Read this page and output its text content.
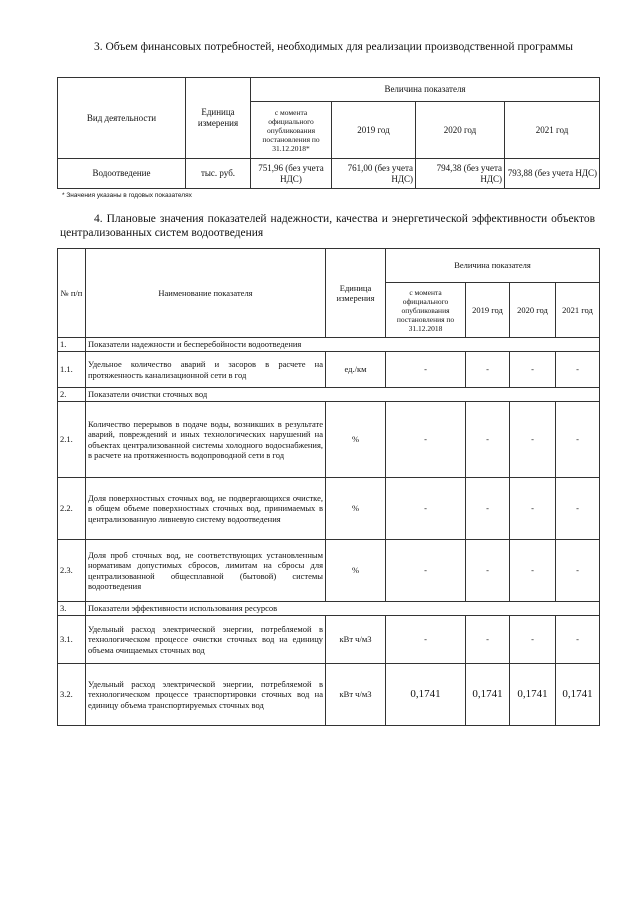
3. Объем финансовых потребностей, необходимых для реализации производственной программы
Вид деятельности	Единица измерения	Величина показателя			
		с момента официального опубликования постановления по 31.12.2018*	2019 год	2020 год	2021 год
Водоотведение	тыс. руб.	751,96 (без учета НДС)	761,00 (без учета НДС)	794,38 (без учета НДС)	793,88 (без учета НДС)
* Значения указаны в годовых показателях
4. Плановые значения показателей надежности, качества и энергетической эффективности объектов централизованных систем водоотведения
№ п/п	Наименование показателя	Единица измерения	Величина показателя			
			с момента официального опубликования постановления по 31.12.2018	2019 год	2020 год	2021 год
1.	Показатели надежности и бесперебойности водоотведения					
1.1.	Удельное количество аварий и засоров в расчете на протяженность канализационной сети в год	ед./км	-	-	-	-
2.	Показатели очистки сточных вод					
2.1.	Количество перерывов в подаче воды, возникших в результате аварий, повреждений и иных технологических нарушений на объектах централизованной системы холодного водоснабжения, в расчете на протяженность водопроводной сети в год	%	-	-	-	-
2.2.	Доля поверхностных сточных вод, не подвергающихся очистке, в общем объеме поверхностных сточных вод, принимаемых в централизованную ливневую систему водоотведения	%	-	-	-	-
2.3.	Доля проб сточных вод, не соответствующих установленным нормативам допустимых сбросов, лимитам на сбросы для централизованной общесплавной (бытовой) системы водоотведения	%	-	-	-	-
3.	Показатели эффективности использования ресурсов					
3.1.	Удельный расход электрической энергии, потребляемой в технологическом процессе очистки сточных вод на единицу объема очищаемых сточных вод	кВт ч/м3	-	-	-	-
3.2.	Удельный расход электрической энергии, потребляемой в технологическом процессе транспортировки сточных вод на единицу объема транспортируемых сточных вод	кВт ч/м3	0,1741	0,1741	0,1741	0,1741
